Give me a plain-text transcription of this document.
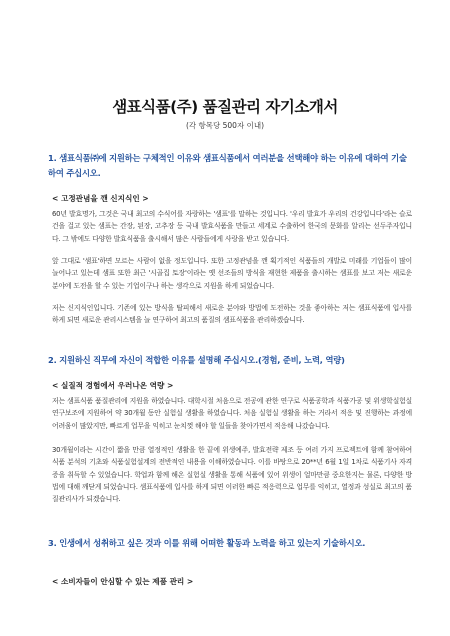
샘표식품(주) 품질관리 자기소개서
(각 항목당 500자 이내)
1. 샘표식품㈜에 지원하는 구체적인 이유와 샘표식품에서 여러분을 선택해야 하는 이유에 대하여 기술하여 주십시오.
< 고정관념을 깬 신지식인 >
60년 발효명가, 그것은 국내 최고의 수식어를 자랑하는 '샘표'를 말하는 것입니다. '우리 발효가 우리의 건강입니다'라는 슬로건을 걸고 있는 샘표는 간장, 된장, 고추장 등 국내 발효식품을 만들고 세계로 수출하여 한국의 문화를 알리는 선두주자입니다. 그 밖에도 다양한 발효식품을 출시해서 많은 사람들에게 사랑을 받고 있습니다.
앞 그대로 '샘표'하면 모르는 사람이 없을 정도입니다. 또한 고정관념을 깬 획기적인 식품들의 개발로 미래를 기업들이 많이 늘어나고 있는데 샘표 또한 최근 '시골집 토장'이라는 옛 선조들의 방식을 재현한 제품을 출시하는 샘표를 보고 저는 새로운 분야에 도전을 할 수 있는 기업이구나 하는 생각으로 지원을 하게 되었습니다.
저는 신지식인입니다. 기존에 있는 방식을 탈피해서 새로운 분야와 방법에 도전하는 것을 좋아하는 저는 샘표식품에 입사를 하게 되면 새로운 관리시스템을 늘 연구하여 최고의 품질의 샘표식품을 관리하겠습니다.
2. 지원하신 직무에 자신이 적합한 이유를 설명해 주십시오.(경험, 준비, 노력, 역량)
< 실질적 경험에서 우러나온 역량 >
저는 샘표식품 품질관리에 지원을 하였습니다. 대학시절 처음으로 전공에 관한 연구로 식품공학과 식품가공 및 위생학실험실 연구보조에 지원하여 약 30개월 동안 실험실 생활을 하였습니다. 처음 실험실 생활을 하는 거라서 적응 및 진행하는 과정에 어려움이 많았지만, 빠르게 업무을 익히고 눈치껏 해야 할 일들을 찾아가면서 적응해 나갔습니다.
30개월이라는 시간이 짧을 만큼 열정적인 생활을 한 끝에 위생예주, 발효전략 제조 등 여러 가지 프로젝트에 함께 참여하여 식품 분석의 기초와 식품실험설계의 전반적인 내용을 이해하였습니다. 이를 바탕으로 20**년 6월 1일 1차로 식품기사 자격증을 취득할 수 있었습니다. 학업과 함께 해온 실험실 생활을 통해 식품에 있어 위생이 얼마만큼 중요한지는 물론, 다양한 방법에 대해 깨닫게 되었습니다. 샘표식품에 입사를 하게 되면 이러한 빠른 적응력으로 업무를 익히고, 열정과 성실로 최고의 품질관리사가 되겠습니다.
3. 인생에서 성취하고 싶은 것과 이를 위해 어떠한 활동과 노력을 하고 있는지 기술하시오.
< 소비자들이 안심할 수 있는 제품 관리 >
